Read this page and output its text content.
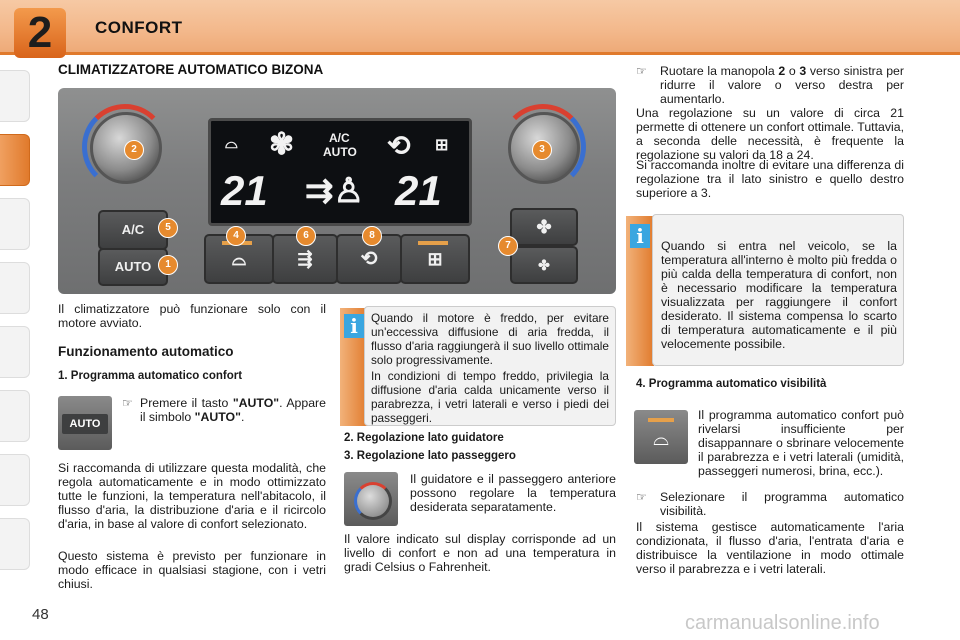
2	CONFORT
CLIMATIZZATORE AUTOMATICO BIZONA
A/C
AUTO
✾
⌓	⟲ ⊞
21 ⇉♙ 21
A/C
AUTO	⌓	⇶	⟲	⊞
✤
✤
1
2	3
4
5
6
7
8

Il climatizzatore può funzionare solo con il motore avviato.

Funzionamento automatico
1. Programma automatico confort
AUTO
☞ Premere il tasto "AUTO". Appare il simbolo "AUTO".

Si raccomanda di utilizzare questa modalità, che regola automaticamente e in modo ottimizzato tutte le funzioni, la temperatura nell'abitacolo, il flusso d'aria, la distribuzione d'aria e il ricircolo d'aria, in base al valore di confort selezionato.

Questo sistema è previsto per funzionare in modo efficace in qualsiasi stagione, con i vetri chiusi.

i	Quando il motore è freddo, per evitare un'eccessiva diffusione di aria fredda, il flusso d'aria raggiungerà il suo livello ottimale solo progressivamente.

In condizioni di tempo freddo, privilegia la diffusione d'aria calda unicamente verso il parabrezza, i vetri laterali e verso i piedi dei passeggeri.

2. Regolazione lato guidatore
3. Regolazione lato passeggero

Il guidatore e il passeggero anteriore possono regolare la temperatura desiderata separatamente.

Il valore indicato sul display corrisponde ad un livello di confort e non ad una temperatura in gradi Celsius o Fahrenheit.

☞ Ruotare la manopola 2 o 3 verso sinistra per ridurre il valore o verso destra per aumentarlo.

Una regolazione su un valore di circa 21 permette di ottenere un confort ottimale. Tuttavia, a seconda delle necessità, è frequente la regolazione su valori da 18 a 24.

Si raccomanda inoltre di evitare una differenza di regolazione tra il lato sinistro e quello destro superiore a 3.

i	Quando si entra nel veicolo, se la temperatura all'interno è molto più fredda o più calda della temperatura di confort, non è necessario modificare la temperatura visualizzata per raggiungere il confort desiderato. Il sistema compensa lo scarto di temperatura automaticamente e il più velocemente possibile.

4. Programma automatico visibilità
⌓

Il programma automatico confort può rivelarsi insufficiente per disappannare o sbrinare velocemente il parabrezza e i vetri laterali (umidità, passeggeri numerosi, brina, ecc.).

☞ Selezionare il programma automatico visibilità.

Il sistema gestisce automaticamente l'aria condizionata, il flusso d'aria, l'entrata d'aria e distribuisce la ventilazione in modo ottimale verso il parabrezza e i vetri laterali.

48	carmanualsonline.info
